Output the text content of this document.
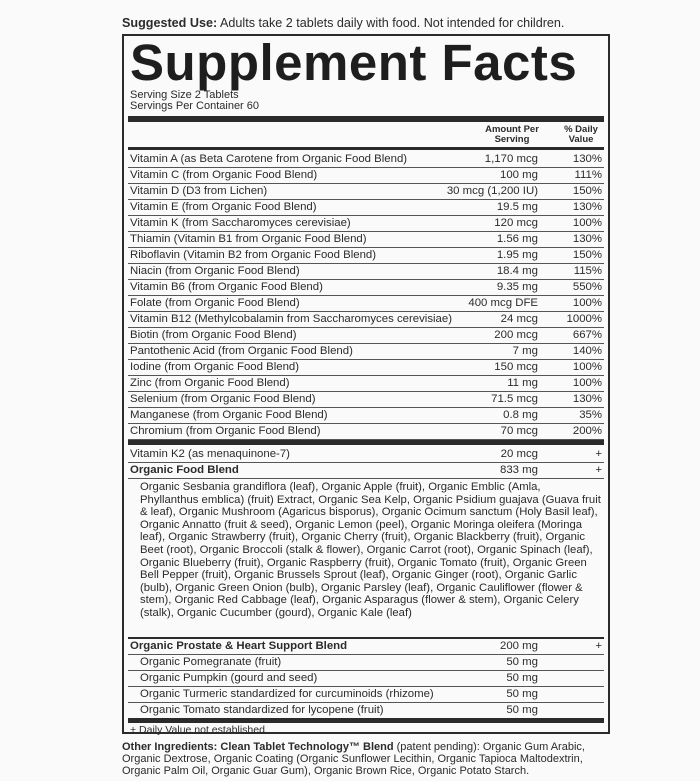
Suggested Use: Adults take 2 tablets daily with food. Not intended for children.
Supplement Facts
Serving Size 2 Tablets
Servings Per Container 60
Amount Per
Serving
% Daily
Value
Vitamin A (as Beta Carotene from Organic Food Blend)	1,170 mcg	130%
Vitamin C (from Organic Food Blend)	100 mg	111%
Vitamin D (D3 from Lichen)	30 mcg (1,200 IU)	150%
Vitamin E (from Organic Food Blend)	19.5 mg	130%
Vitamin K (from Saccharomyces cerevisiae)	120 mcg	100%
Thiamin (Vitamin B1 from Organic Food Blend)	1.56 mg	130%
Riboflavin (Vitamin B2 from Organic Food Blend)	1.95 mg	150%
Niacin (from Organic Food Blend)	18.4 mg	115%
Vitamin B6 (from Organic Food Blend)	9.35 mg	550%
Folate (from Organic Food Blend)	400 mcg DFE	100%
Vitamin B12 (Methylcobalamin from Saccharomyces cerevisiae)	24 mcg	1000%
Biotin (from Organic Food Blend)	200 mcg	667%
Pantothenic Acid (from Organic Food Blend)	7 mg	140%
Iodine (from Organic Food Blend)	150 mcg	100%
Zinc (from Organic Food Blend)	11 mg	100%
Selenium (from Organic Food Blend)	71.5 mcg	130%
Manganese (from Organic Food Blend)	0.8 mg	35%
Chromium (from Organic Food Blend)	70 mcg	200%
Vitamin K2 (as menaquinone-7)	20 mcg	+
Organic Food Blend	833 mg	+
Organic Sesbania grandiflora (leaf), Organic Apple (fruit), Organic Emblic (Amla, Phyllanthus emblica) (fruit) Extract, Organic Sea Kelp, Organic Psidium guajava (Guava fruit & leaf), Organic Mushroom (Agaricus bisporus), Organic Ocimum sanctum (Holy Basil leaf), Organic Annatto (fruit & seed), Organic Lemon (peel), Organic Moringa oleifera (Moringa leaf), Organic Strawberry (fruit), Organic Cherry (fruit), Organic Blackberry (fruit), Organic Beet (root), Organic Broccoli (stalk & flower), Organic Carrot (root), Organic Spinach (leaf), Organic Blueberry (fruit), Organic Raspberry (fruit), Organic Tomato (fruit), Organic Green Bell Pepper (fruit), Organic Brussels Sprout (leaf), Organic Ginger (root), Organic Garlic (bulb), Organic Green Onion (bulb), Organic Parsley (leaf), Organic Cauliflower (flower & stem), Organic Red Cabbage (leaf), Organic Asparagus (flower & stem), Organic Celery (stalk), Organic Cucumber (gourd), Organic Kale (leaf)
Organic Prostate & Heart Support Blend	200 mg	+
Organic Pomegranate (fruit)	50 mg
Organic Pumpkin (gourd and seed)	50 mg
Organic Turmeric standardized for curcuminoids (rhizome)	50 mg
Organic Tomato standardized for lycopene (fruit)	50 mg
+ Daily Value not established.
Other Ingredients: Clean Tablet Technology™ Blend (patent pending): Organic Gum Arabic, Organic Dextrose, Organic Coating (Organic Sunflower Lecithin, Organic Tapioca Maltodextrin, Organic Palm Oil, Organic Guar Gum), Organic Brown Rice, Organic Potato Starch.
